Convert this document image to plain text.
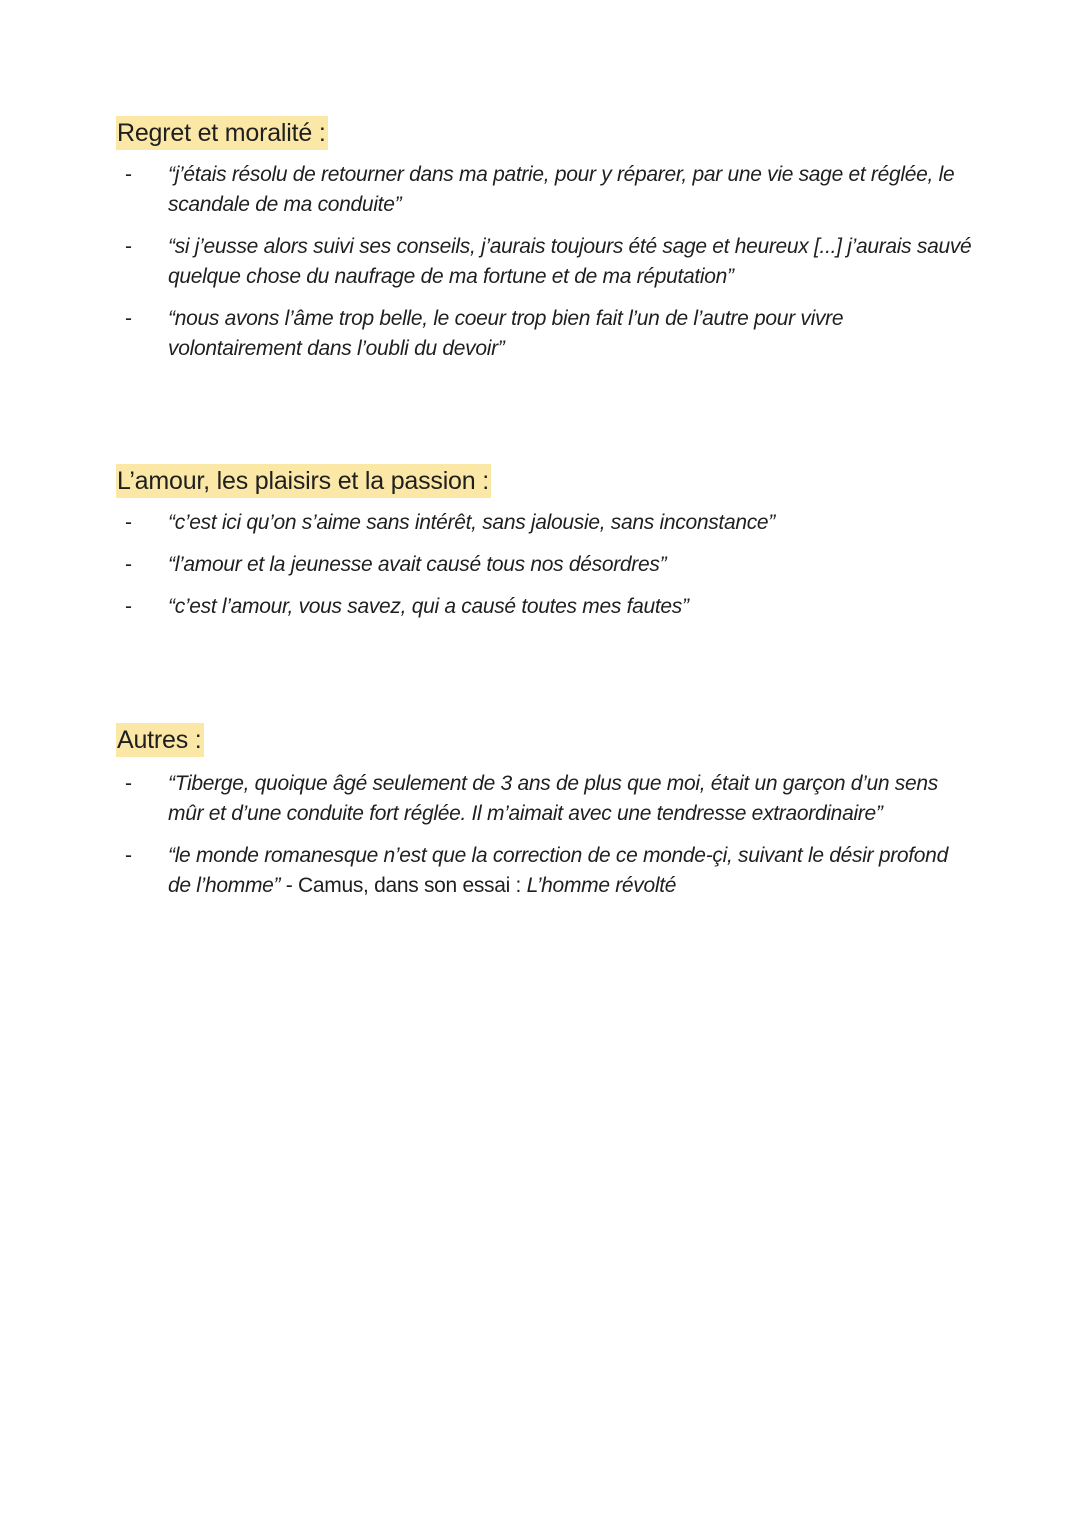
Regret et moralité :
- “j’étais résolu de retourner dans ma patrie, pour y réparer, par une vie sage et réglée, le scandale de ma conduite”
- “si j’eusse alors suivi ses conseils, j’aurais toujours été sage et heureux [...] j’aurais sauvé quelque chose du naufrage de ma fortune et de ma réputation”
- “nous avons l’âme trop belle, le coeur trop bien fait l’un de l’autre pour vivre volontairement dans l’oubli du devoir”
L’amour, les plaisirs et la passion :
- “c’est ici qu’on s’aime sans intérêt, sans jalousie, sans inconstance”
- “l’amour et la jeunesse avait causé tous nos désordres”
- “c’est l’amour, vous savez, qui a causé toutes mes fautes”
Autres :
- “Tiberge, quoique âgé seulement de 3 ans de plus que moi, était un garçon d’un sens mûr et d’une conduite fort réglée. Il m’aimait avec une tendresse extraordinaire”
- “le monde romanesque n’est que la correction de ce monde-çi, suivant le désir profond de l’homme” - Camus, dans son essai : L’homme révolté
